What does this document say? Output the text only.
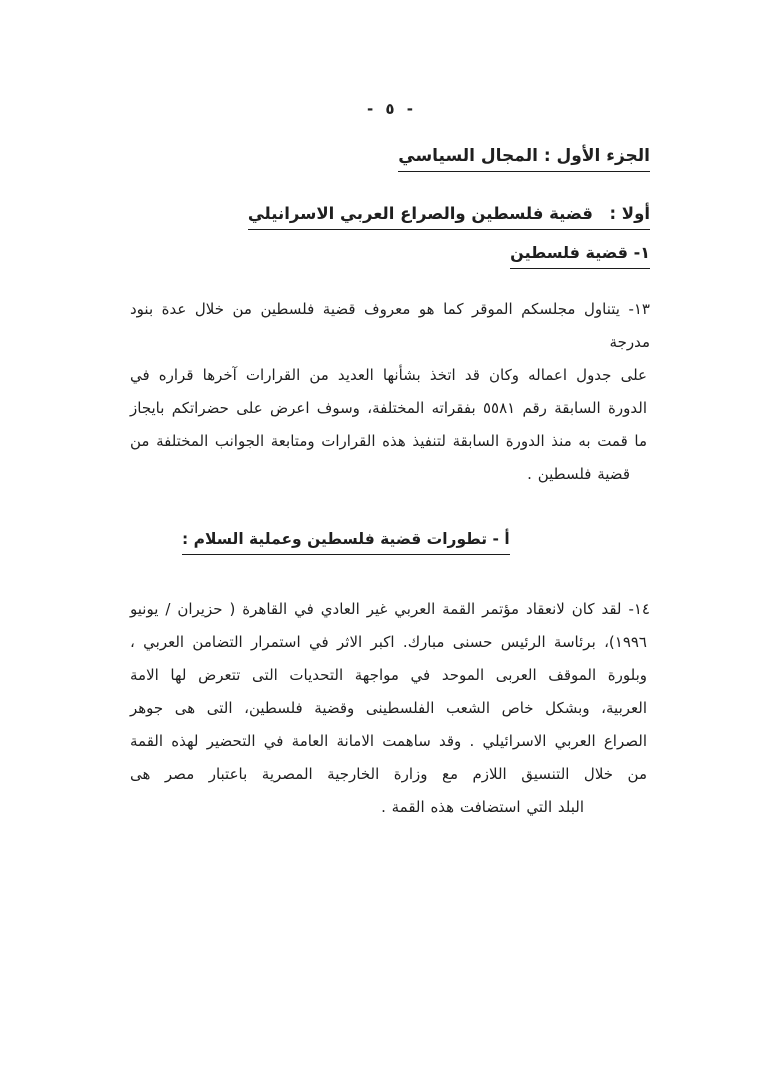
- ٥ -
الجزء الأول : المجال السياسي
أولا : قضية فلسطين والصراع العربي الاسرانيلي
١- قضية فلسطين
١٣- يتناول مجلسكم الموقر كما هو معروف قضية فلسطين من خلال عدة بنود مدرجة
على جدول اعماله وكان قد اتخذ بشأنها العديد من القرارات آخرها قراره في
الدورة السابقة رقم ٥٥٨١ بفقراته المختلفة، وسوف اعرض على حضراتكم بايجاز
ما قمت به منذ الدورة السابقة لتنفيذ هذه القرارات ومتابعة الجوانب المختلفة من
قضية فلسطين .
أ - تطورات قضية فلسطين وعملية السلام :
١٤- لقد كان لانعقاد مؤتمر القمة العربي غير العادي في القاهرة ( حزيران / يونيو
١٩٩٦)، برئاسة الرئيس حسنى مبارك. اكبر الاثر في استمرار التضامن العربي ،
وبلورة الموقف العربى الموحد في مواجهة التحديات التى تتعرض لها الامة
العربية، وبشكل خاص الشعب الفلسطينى وقضية فلسطين، التى هى جوهر
الصراع العربي الاسرائيلي . وقد ساهمت الامانة العامة في التحضير لهذه القمة
من خلال التنسيق اللازم مع وزارة الخارجية المصرية باعتبار مصر هى
البلد التي استضافت هذه القمة .
